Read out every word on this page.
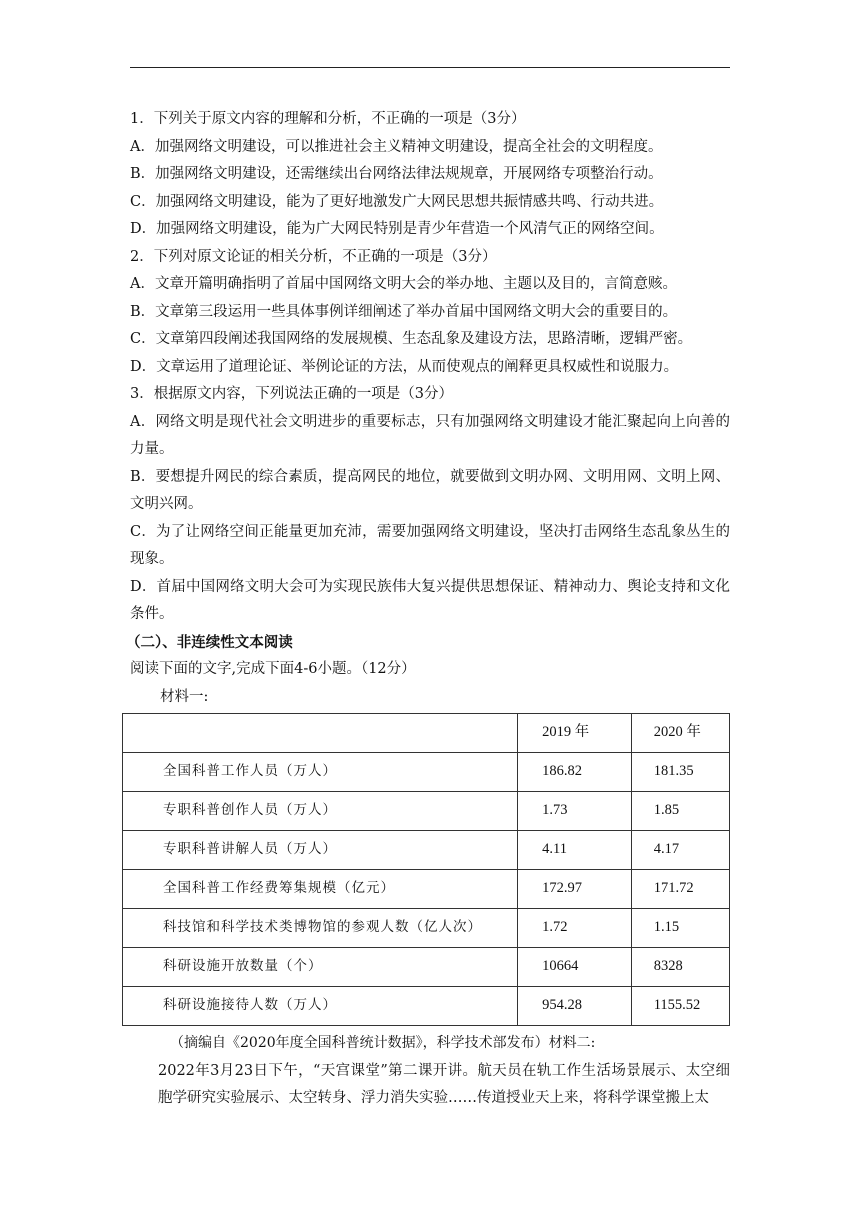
1．下列关于原文内容的理解和分析，不正确的一项是（3分）

A．加强网络文明建设，可以推进社会主义精神文明建设，提高全社会的文明程度。

B．加强网络文明建设，还需继续出台网络法律法规规章，开展网络专项整治行动。

C．加强网络文明建设，能为了更好地激发广大网民思想共振情感共鸣、行动共进。

D．加强网络文明建设，能为广大网民特别是青少年营造一个风清气正的网络空间。

2．下列对原文论证的相关分析，不正确的一项是（3分）

A．文章开篇明确指明了首届中国网络文明大会的举办地、主题以及目的，言简意赅。

B．文章第三段运用一些具体事例详细阐述了举办首届中国网络文明大会的重要目的。

C．文章第四段阐述我国网络的发展规模、生态乱象及建设方法，思路清晰，逻辑严密。

D．文章运用了道理论证、举例论证的方法，从而使观点的阐释更具权威性和说服力。

3．根据原文内容，下列说法正确的一项是（3分）

A．网络文明是现代社会文明进步的重要标志，只有加强网络文明建设才能汇聚起向上向善的力量。

B．要想提升网民的综合素质，提高网民的地位，就要做到文明办网、文明用网、文明上网、文明兴网。

C．为了让网络空间正能量更加充沛，需要加强网络文明建设，坚决打击网络生态乱象丛生的现象。

D．首届中国网络文明大会可为实现民族伟大复兴提供思想保证、精神动力、舆论支持和文化条件。

（二）、非连续性文本阅读

阅读下面的文字,完成下面4-6小题。（12分）

材料一:

	2019 年	2020 年
全国科普工作人员（万人）	186.82	181.35
专职科普创作人员（万人）	1.73	1.85
专职科普讲解人员（万人）	4.11	4.17
全国科普工作经费筹集规模（亿元）	172.97	171.72
科技馆和科学技术类博物馆的参观人数（亿人次）	1.72	1.15
科研设施开放数量（个）	10664	8328
科研设施接待人数（万人）	954.28	1155.52

（摘编自《2020年度全国科普统计数据》，科学技术部发布）材料二:

2022年3月23日下午，“天宫课堂”第二课开讲。航天员在轨工作生活场景展示、太空细胞学研究实验展示、太空转身、浮力消失实验……传道授业天上来，将科学课堂搬上太
